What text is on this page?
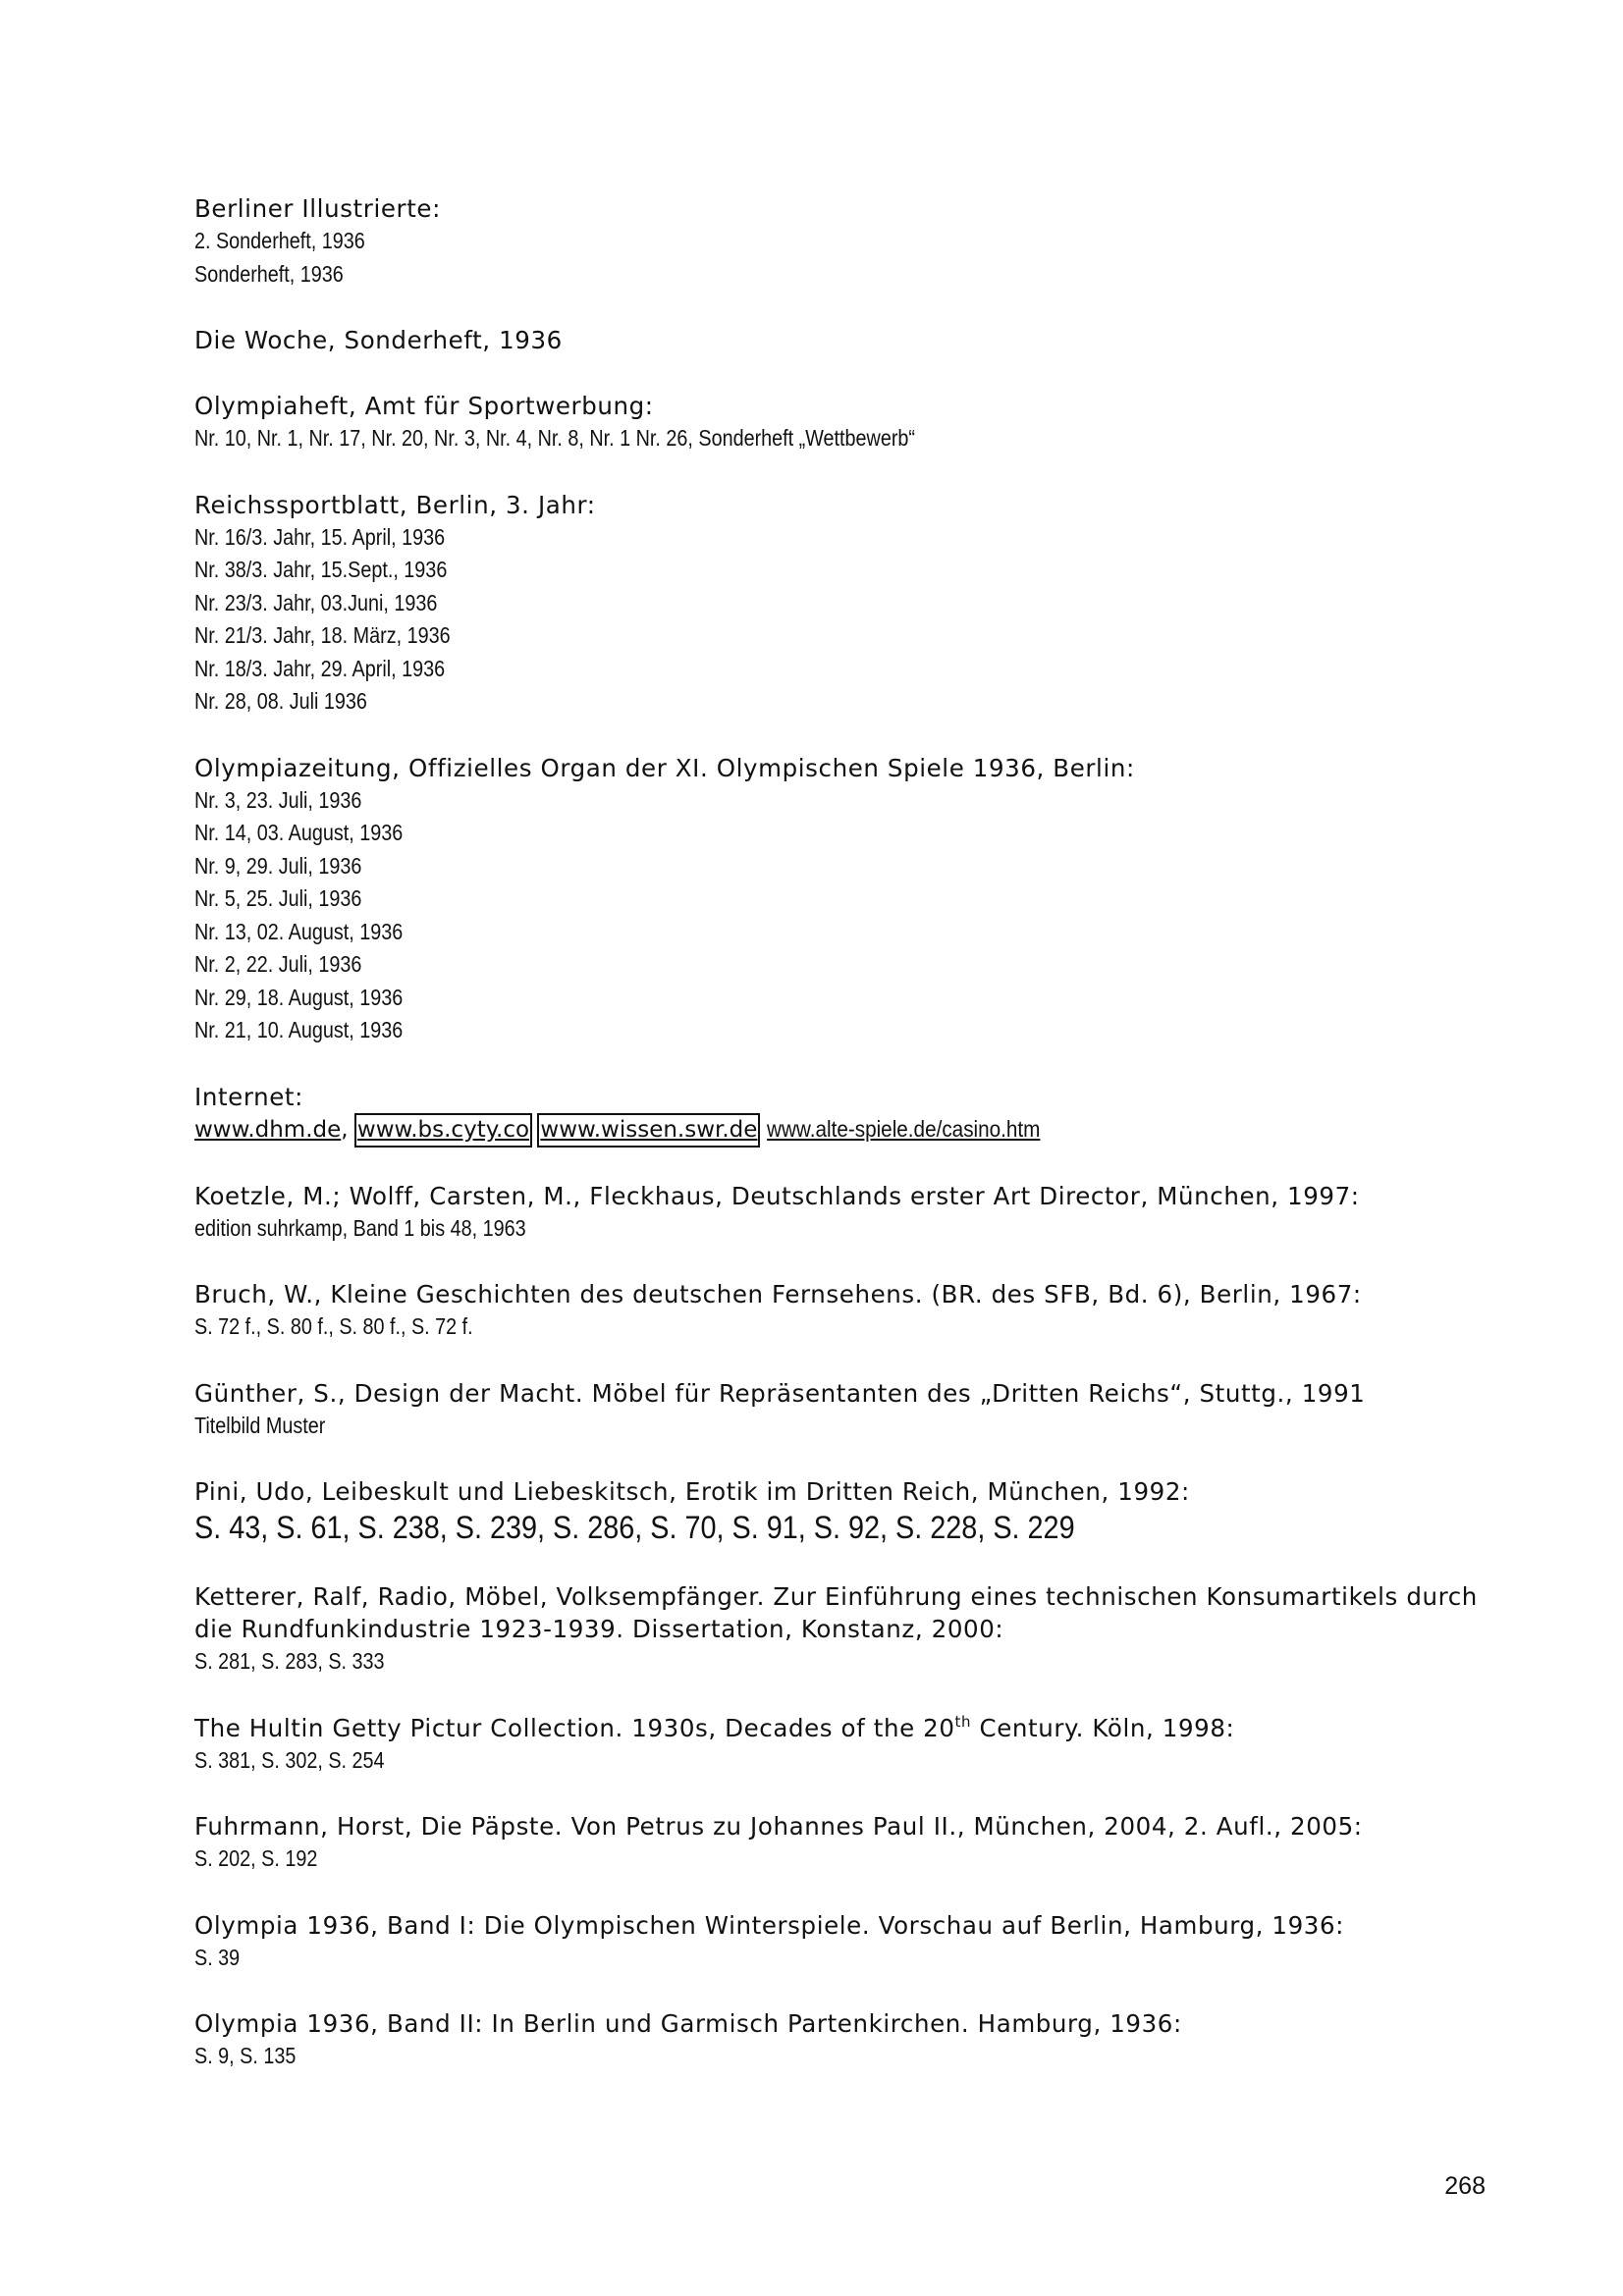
Berliner Illustrierte:

2. Sonderheft, 1936

Sonderheft, 1936

Die Woche, Sonderheft, 1936

Olympiaheft, Amt für Sportwerbung:

Nr. 10, Nr. 1, Nr. 17, Nr. 20, Nr. 3, Nr. 4, Nr. 8, Nr. 1 Nr. 26, Sonderheft „Wettbewerb“

Reichssportblatt, Berlin, 3. Jahr:

Nr. 16/3. Jahr, 15. April, 1936

Nr. 38/3. Jahr, 15.Sept., 1936

Nr. 23/3. Jahr, 03.Juni, 1936

Nr. 21/3. Jahr, 18. März, 1936

Nr. 18/3. Jahr, 29. April, 1936

Nr. 28, 08. Juli 1936

Olympiazeitung, Offizielles Organ der XI. Olympischen Spiele 1936, Berlin:

Nr. 3, 23. Juli, 1936

Nr. 14, 03. August, 1936

Nr. 9, 29. Juli, 1936

Nr. 5, 25. Juli, 1936

Nr. 13, 02. August, 1936

Nr. 2, 22. Juli, 1936

Nr. 29, 18. August, 1936

Nr. 21, 10. August, 1936

Internet:

www.dhm.de, www.bs.cyty.co www.wissen.swr.de www.alte-spiele.de/casino.htm

Koetzle, M.; Wolff, Carsten, M., Fleckhaus, Deutschlands erster Art Director, München, 1997:

edition suhrkamp, Band 1 bis 48, 1963

Bruch, W., Kleine Geschichten des deutschen Fernsehens. (BR. des SFB, Bd. 6), Berlin, 1967:

S. 72 f., S. 80 f., S. 80 f., S. 72 f.

Günther, S., Design der Macht. Möbel für Repräsentanten des „Dritten Reichs“, Stuttg., 1991

Titelbild Muster

Pini, Udo, Leibeskult und Liebeskitsch, Erotik im Dritten Reich, München, 1992:

S. 43, S. 61, S. 238, S. 239, S. 286, S. 70, S. 91, S. 92, S. 228, S. 229

Ketterer, Ralf, Radio, Möbel, Volksempfänger. Zur Einführung eines technischen Konsumartikels durch die Rundfunkindustrie 1923-1939. Dissertation, Konstanz, 2000:

S. 281, S. 283, S. 333

The Hultin Getty Pictur Collection. 1930s, Decades of the 20th Century. Köln, 1998:

S. 381, S. 302, S. 254

Fuhrmann, Horst, Die Päpste. Von Petrus zu Johannes Paul II., München, 2004, 2. Aufl., 2005:

S. 202, S. 192

Olympia 1936, Band I: Die Olympischen Winterspiele. Vorschau auf Berlin, Hamburg, 1936:

S. 39

Olympia 1936, Band II: In Berlin und Garmisch Partenkirchen. Hamburg, 1936:

S. 9, S. 135

268
